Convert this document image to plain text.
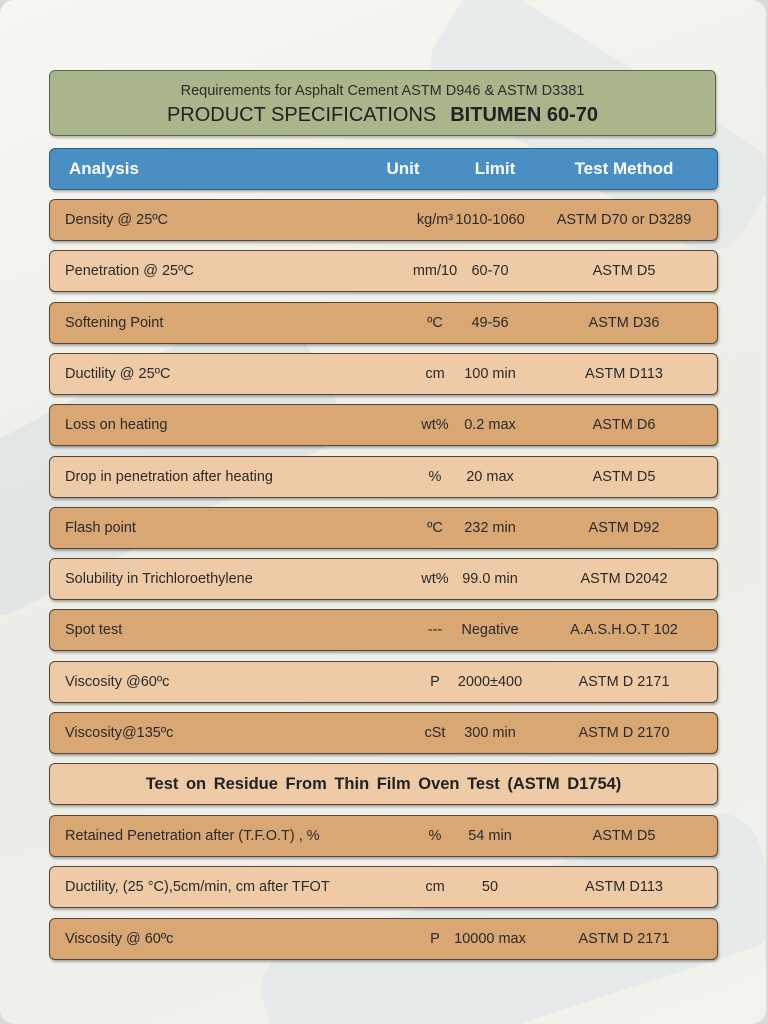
Requirements for Asphalt Cement ASTM D946 & ASTM D3381
PRODUCT SPECIFICATIONS BITUMEN 60-70
Analysis	Unit	Limit	Test Method
Density @ 25ºC	kg/m³ 1010-1060	ASTM D70 or D3289
Penetration @ 25ºC	mm/10 60-70	ASTM D5
Softening Point	ºC	49-56	ASTM D36
Ductility @ 25ºC	cm	100 min	ASTM D113
Loss on heating	wt%	0.2 max	ASTM D6
Drop in penetration after heating	%	20 max	ASTM D5
Flash point	ºC	232 min	ASTM D92
Solubility in Trichloroethylene	wt% 99.0 min	ASTM D2042
Spot test	---	Negative	A.A.S.H.O.T 102
Viscosity @60ºc	P	2000±400	ASTM D 2171
Viscosity@135ºc	cSt	300 min	ASTM D 2170
Test on Residue From Thin Film Oven Test (ASTM D1754)
Retained Penetration after (T.F.O.T) , %	%	54 min	ASTM D5
Ductility, (25 °C),5cm/min, cm after TFOT	cm	50	ASTM D113
Viscosity @ 60ºc	P 10000 max	ASTM D 2171
